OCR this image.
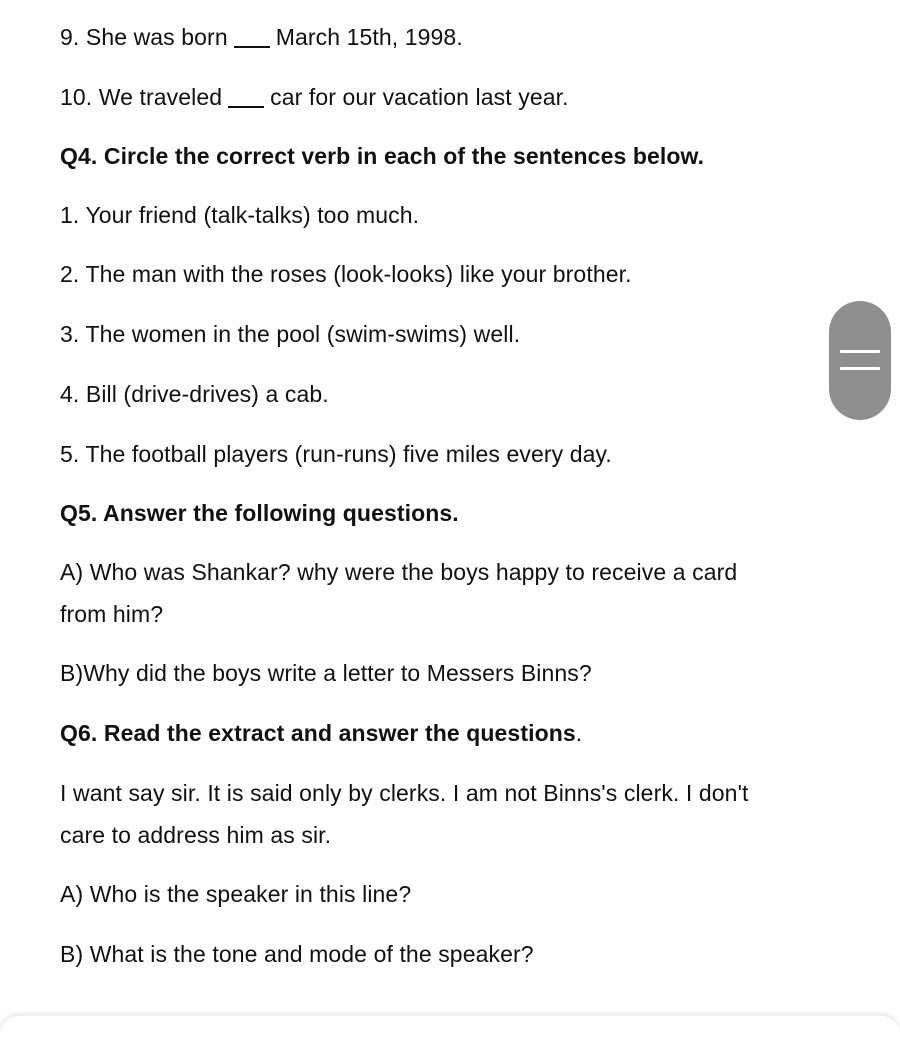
9. She was born March 15th, 1998.
10. We traveled car for our vacation last year.
Q4. Circle the correct verb in each of the sentences below.
1. Your friend (talk-talks) too much.
2. The man with the roses (look-looks) like your brother.
3. The women in the pool (swim-swims) well.
4. Bill (drive-drives) a cab.
5. The football players (run-runs) five miles every day.
Q5. Answer the following questions.
A) Who was Shankar? why were the boys happy to receive a card
from him?
B)Why did the boys write a letter to Messers Binns?
Q6. Read the extract and answer the questions.
I want say sir. It is said only by clerks. I am not Binns's clerk. I don't
care to address him as sir.
A) Who is the speaker in this line?
B) What is the tone and mode of the speaker?
